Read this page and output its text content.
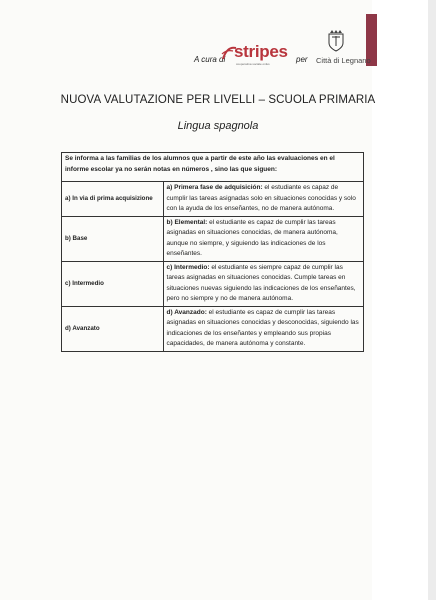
A cura di stripes
cooperativa sociale onlus	per Città di Legnano
NUOVA VALUTAZIONE PER LIVELLI – SCUOLA PRIMARIA
Lingua spagnola
Se informa a las familias de los alumnos que a partir de este año las evaluaciones en el informe escolar ya no serán notas en números , sino las que siguen:	
a) In via di prima acquisizione	a) Primera fase de adquisición: el estudiante es capaz de cumplir las tareas asignadas solo en situaciones conocidas y solo con la ayuda de los enseñantes, no de manera autónoma.
b) Base	b) Elemental: el estudiante es capaz de cumplir las tareas asignadas en situaciones conocidas, de manera autónoma, aunque no siempre, y siguiendo las indicaciones de los enseñantes.
c) Intermedio	c) Intermedio: el estudiante es siempre capaz de cumplir las tareas asignadas en situaciones conocidas. Cumple tareas en situaciones nuevas siguiendo las indicaciones de los enseñantes, pero no siempre y no de manera autónoma.
d) Avanzato	d) Avanzado: el estudiante es capaz de cumplir las tareas asignadas en situaciones conocidas y desconocidas, siguiendo las indicaciones de los enseñantes y empleando sus propias capacidades, de manera autónoma y constante.
